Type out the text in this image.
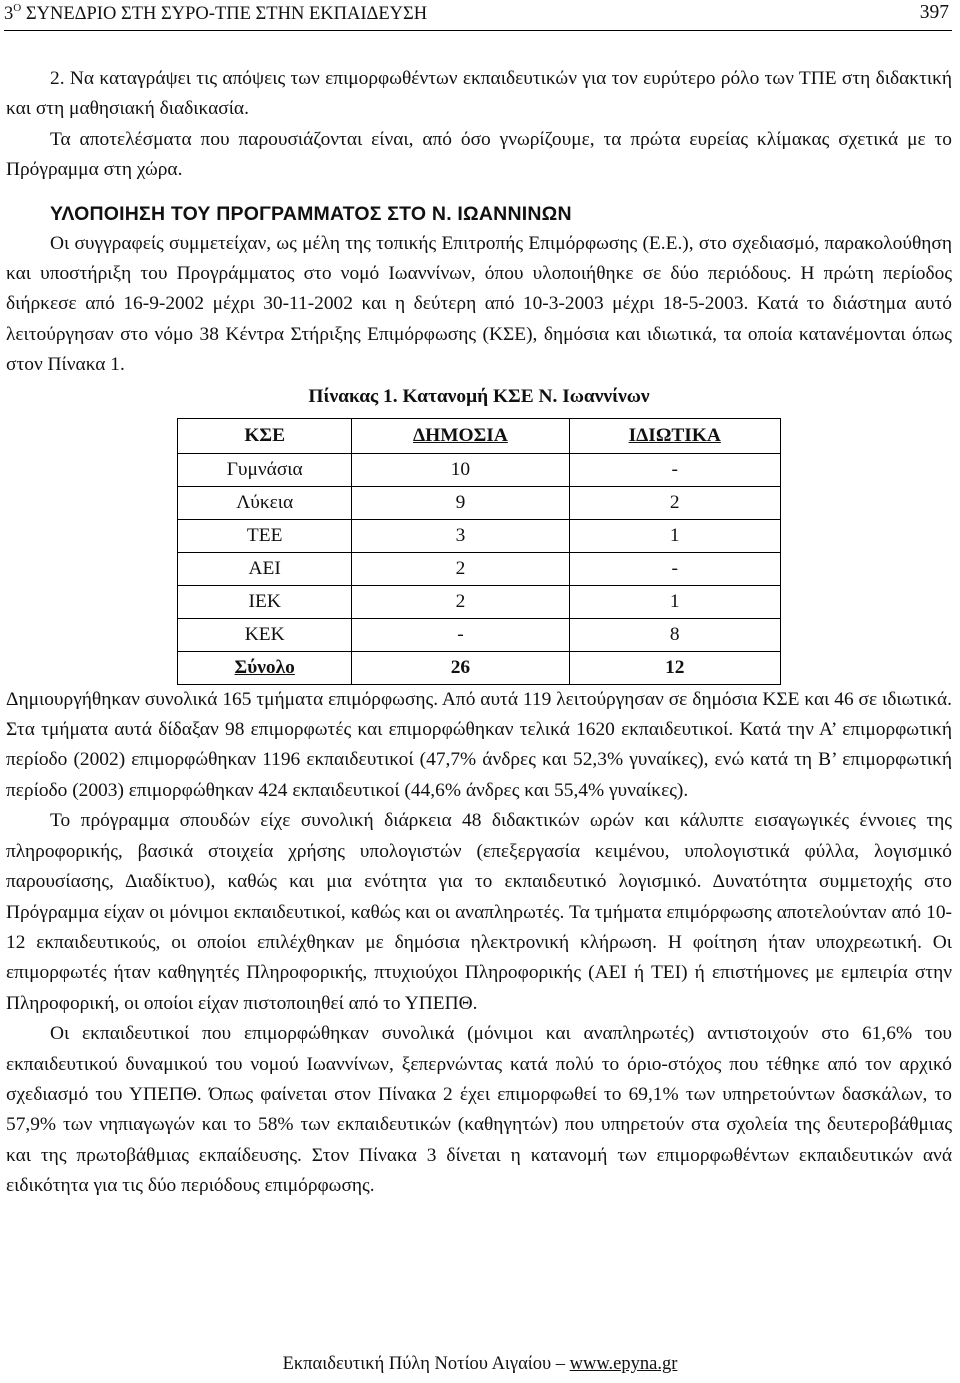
$3^O$ ΣΥΝΕΔΡΙΟ ΣΤΗ ΣΥΡΟ-ΤΠΕ ΣΤΗΝ ΕΚΠΑΙΔΕΥΣΗ	397

2. Να καταγράψει τις απόψεις των επιμορφωθέντων εκπαιδευτικών για τον ευρύτερο ρόλο των ΤΠΕ στη διδακτική και στη μαθησιακή διαδικασία.

Τα αποτελέσματα που παρουσιάζονται είναι, από όσο γνωρίζουμε, τα πρώτα ευρείας κλίμακας σχετικά με το Πρόγραμμα στη χώρα.

ΥΛΟΠΟΙΗΣΗ ΤΟΥ ΠΡΟΓΡΑΜΜΑΤΟΣ ΣΤΟ Ν. ΙΩΑΝΝΙΝΩΝ

Οι συγγραφείς συμμετείχαν, ως μέλη της τοπικής Επιτροπής Επιμόρφωσης (Ε.Ε.), στο σχεδιασμό, παρακολούθηση και υποστήριξη του Προγράμματος στο νομό Ιωαννίνων, όπου υλοποιήθηκε σε δύο περιόδους. Η πρώτη περίοδος διήρκεσε από 16-9-2002 μέχρι 30-11-2002 και η δεύτερη από 10-3-2003 μέχρι 18-5-2003. Κατά το διάστημα αυτό λειτούργησαν στο νόμο 38 Κέντρα Στήριξης Επιμόρφωσης (ΚΣΕ), δημόσια και ιδιωτικά, τα οποία κατανέμονται όπως στον Πίνακα 1.

Πίνακας 1. Κατανομή ΚΣΕ Ν. Ιωαννίνων

ΚΣΕ	ΔΗΜΟΣΙΑ	ΙΔΙΩΤΙΚΑ
Γυμνάσια	10	-
Λύκεια	9	2
ΤΕΕ	3	1
ΑΕΙ	2	-
ΙΕΚ	2	1
ΚΕΚ	-	8
Σύνολο	26	12

Δημιουργήθηκαν συνολικά 165 τμήματα επιμόρφωσης. Από αυτά 119 λειτούργησαν σε δημόσια ΚΣΕ και 46 σε ιδιωτικά. Στα τμήματα αυτά δίδαξαν 98 επιμορφωτές και επιμορφώθηκαν τελικά 1620 εκπαιδευτικοί. Κατά την Α’ επιμορφωτική περίοδο (2002) επιμορφώθηκαν 1196 εκπαιδευτικοί (47,7% άνδρες και 52,3% γυναίκες), ενώ κατά τη Β’ επιμορφωτική περίοδο (2003) επιμορφώθηκαν 424 εκπαιδευτικοί (44,6% άνδρες και 55,4% γυναίκες).

Το πρόγραμμα σπουδών είχε συνολική διάρκεια 48 διδακτικών ωρών και κάλυπτε εισαγωγικές έννοιες της πληροφορικής, βασικά στοιχεία χρήσης υπολογιστών (επεξεργασία κειμένου, υπολογιστικά φύλλα, λογισμικό παρουσίασης, Διαδίκτυο), καθώς και μια ενότητα για το εκπαιδευτικό λογισμικό. Δυνατότητα συμμετοχής στο Πρόγραμμα είχαν οι μόνιμοι εκπαιδευτικοί, καθώς και οι αναπληρωτές. Τα τμήματα επιμόρφωσης αποτελούνταν από 10-12 εκπαιδευτικούς, οι οποίοι επιλέχθηκαν με δημόσια ηλεκτρονική κλήρωση. Η φοίτηση ήταν υποχρεωτική. Οι επιμορφωτές ήταν καθηγητές Πληροφορικής, πτυχιούχοι Πληροφορικής (ΑΕΙ ή ΤΕΙ) ή επιστήμονες με εμπειρία στην Πληροφορική, οι οποίοι είχαν πιστοποιηθεί από το ΥΠΕΠΘ.

Οι εκπαιδευτικοί που επιμορφώθηκαν συνολικά (μόνιμοι και αναπληρωτές) αντιστοιχούν στο 61,6% του εκπαιδευτικού δυναμικού του νομού Ιωαννίνων, ξεπερνώντας κατά πολύ το όριο-στόχος που τέθηκε από τον αρχικό σχεδιασμό του ΥΠΕΠΘ. Όπως φαίνεται στον Πίνακα 2 έχει επιμορφωθεί το 69,1% των υπηρετούντων δασκάλων, το 57,9% των νηπιαγωγών και το 58% των εκπαιδευτικών (καθηγητών) που υπηρετούν στα σχολεία της δευτεροβάθμιας και της πρωτοβάθμιας εκπαίδευσης. Στον Πίνακα 3 δίνεται η κατανομή των επιμορφωθέντων εκπαιδευτικών ανά ειδικότητα για τις δύο περιόδους επιμόρφωσης.

Εκπαιδευτική Πύλη Νοτίου Αιγαίου – www.epyna.gr
